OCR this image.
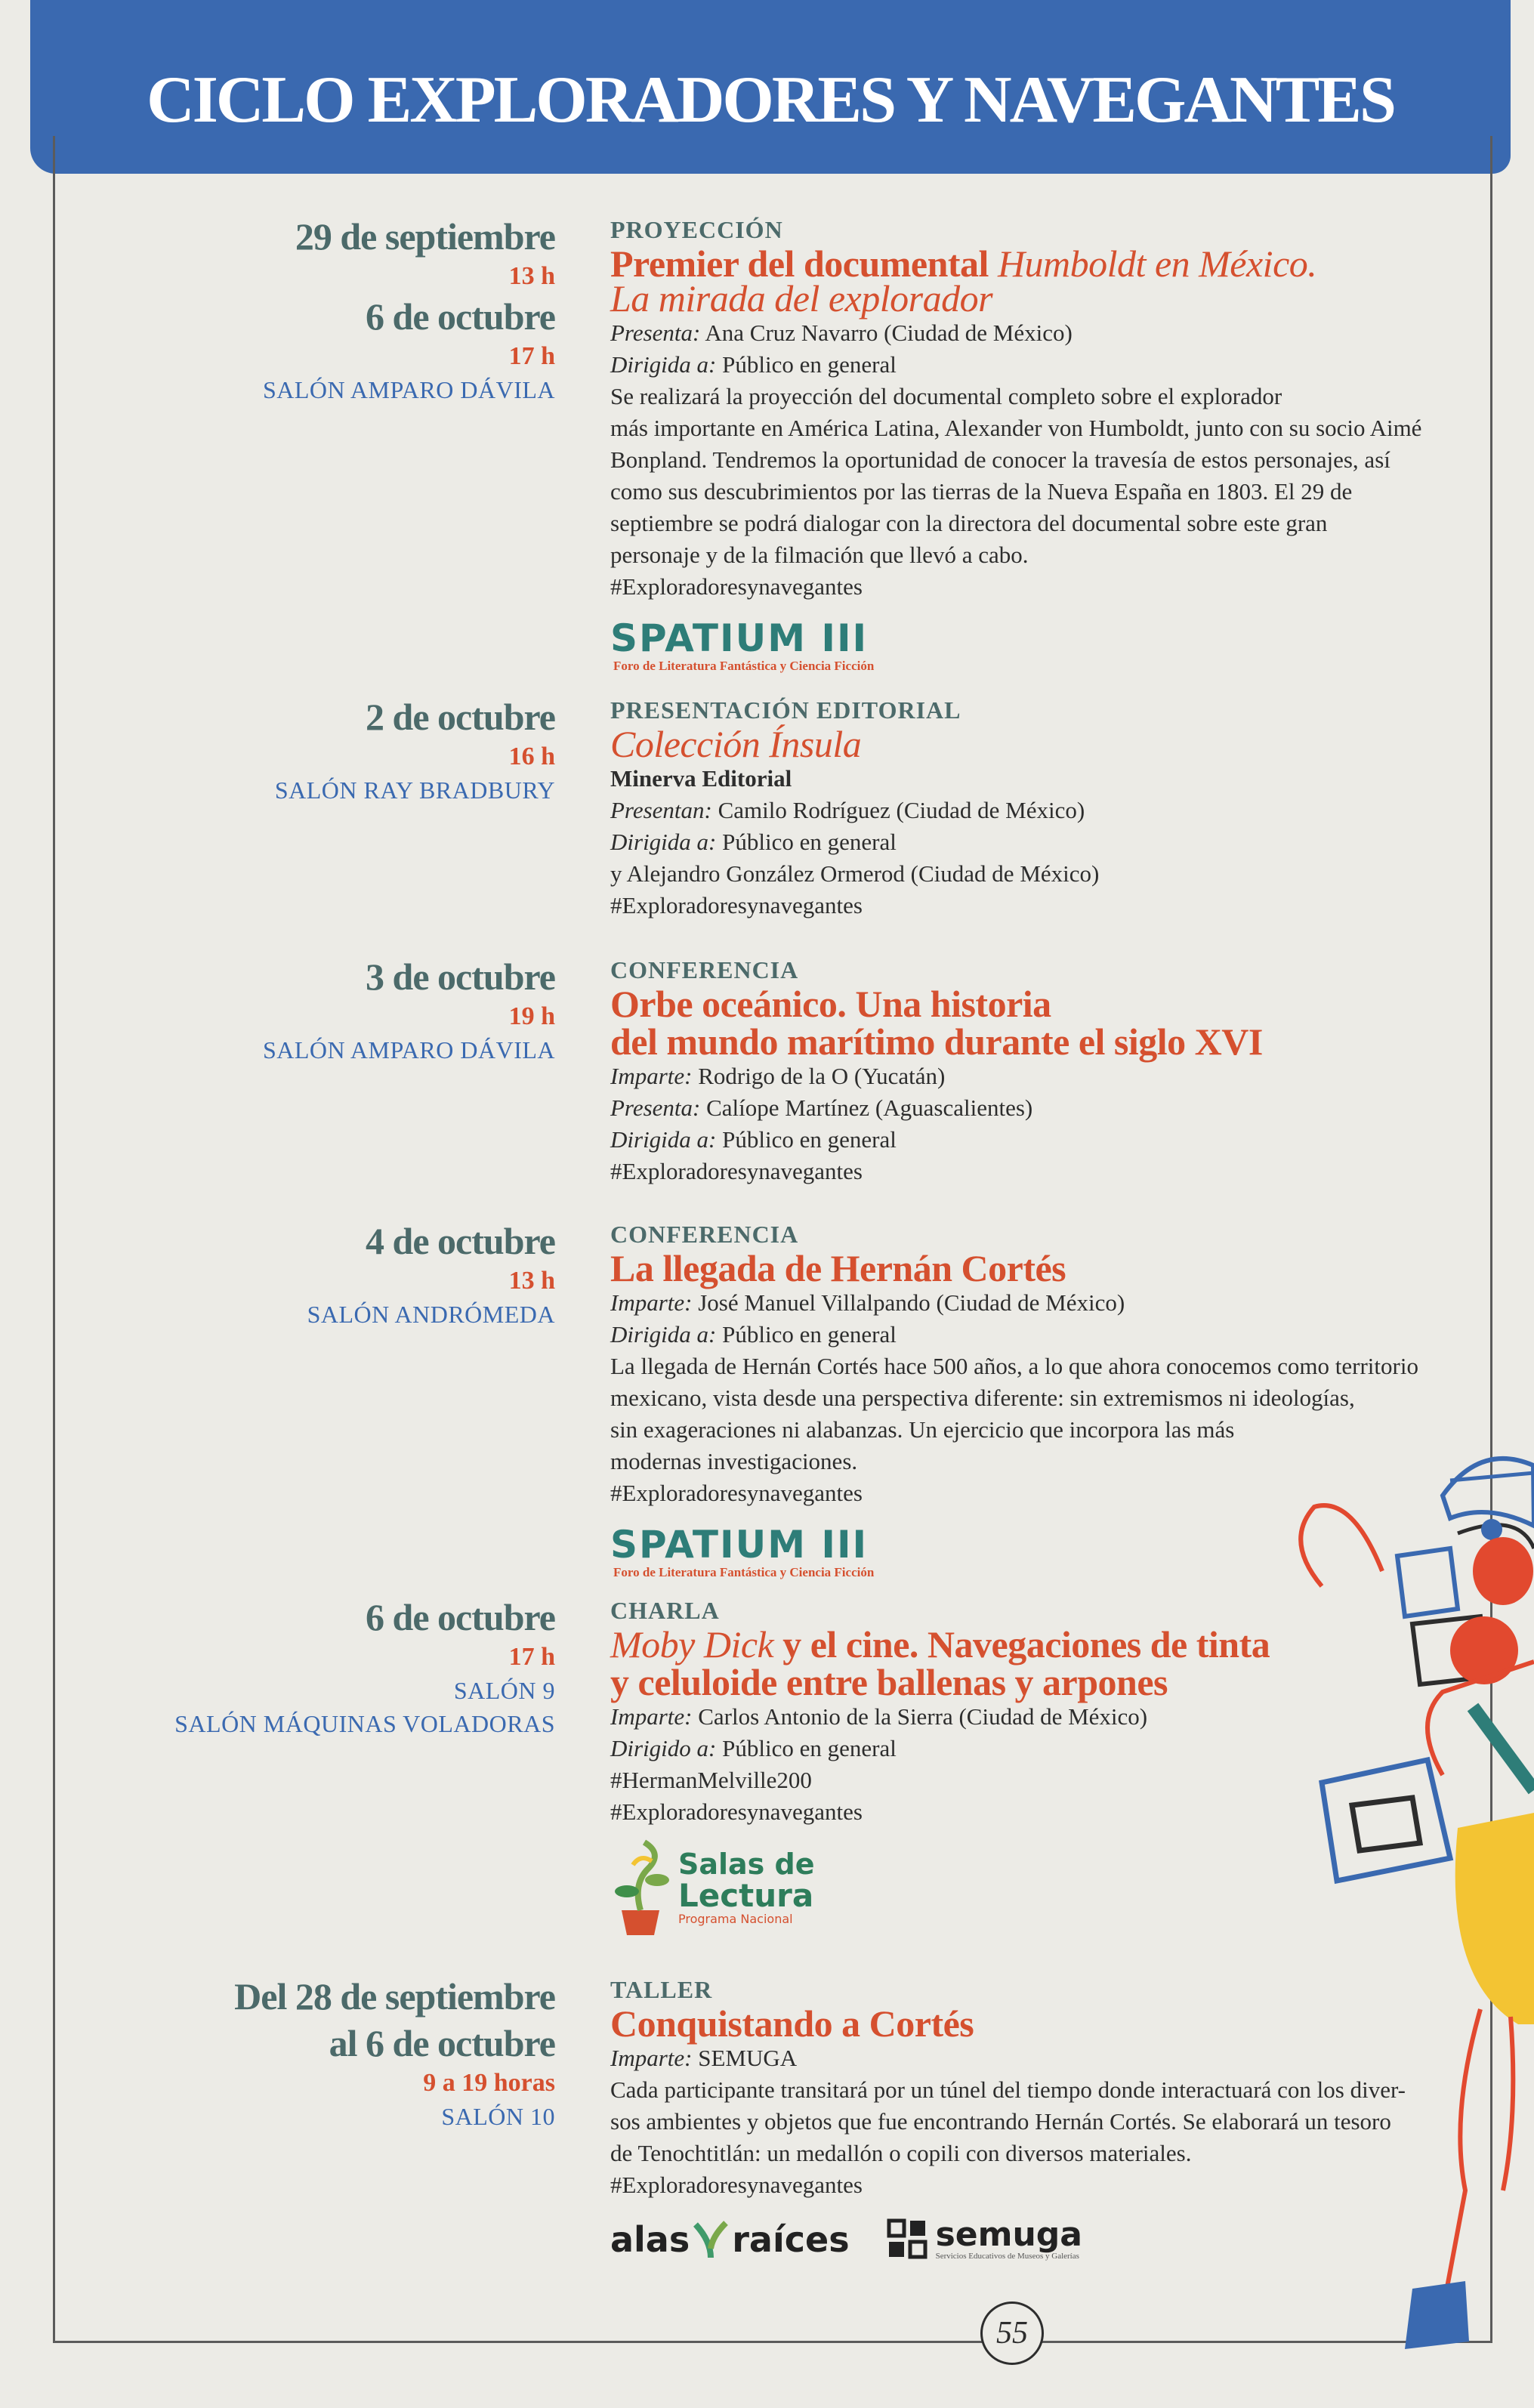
CICLO EXPLORADORES Y NAVEGANTES
29 de septiembre
13 h
6 de octubre
17 h
SALÓN AMPARO DÁVILA
PROYECCIÓN
Premier del documental Humboldt en México.
La mirada del explorador
Presenta: Ana Cruz Navarro (Ciudad de México)
Dirigida a: Público en general
Se realizará la proyección del documental completo sobre el explorador
más importante en América Latina, Alexander von Humboldt, junto con su socio Aimé
Bonpland. Tendremos la oportunidad de conocer la travesía de estos personajes, así
como sus descubrimientos por las tierras de la Nueva España en 1803. El 29 de
septiembre se podrá dialogar con la directora del documental sobre este gran
personaje y de la filmación que llevó a cabo.
#Exploradoresynavegantes
SPATIUM III
Foro de Literatura Fantástica y Ciencia Ficción
2 de octubre
16 h
SALÓN RAY BRADBURY
PRESENTACIÓN EDITORIAL
Colección Ínsula
Minerva Editorial
Presentan: Camilo Rodríguez (Ciudad de México)
Dirigida a: Público en general
y Alejandro González Ormerod (Ciudad de México)
#Exploradoresynavegantes
3 de octubre
19 h
SALÓN AMPARO DÁVILA
CONFERENCIA
Orbe oceánico. Una historia
del mundo marítimo durante el siglo XVI
Imparte: Rodrigo de la O (Yucatán)
Presenta: Calíope Martínez (Aguascalientes)
Dirigida a: Público en general
#Exploradoresynavegantes
4 de octubre
13 h
SALÓN ANDRÓMEDA
CONFERENCIA
La llegada de Hernán Cortés
Imparte: José Manuel Villalpando (Ciudad de México)
Dirigida a: Público en general
La llegada de Hernán Cortés hace 500 años, a lo que ahora conocemos como territorio
mexicano, vista desde una perspectiva diferente: sin extremismos ni ideologías,
sin exageraciones ni alabanzas. Un ejercicio que incorpora las más
modernas investigaciones.
#Exploradoresynavegantes
SPATIUM III
Foro de Literatura Fantástica y Ciencia Ficción
6 de octubre
17 h
SALÓN 9
SALÓN MÁQUINAS VOLADORAS
CHARLA
Moby Dick y el cine. Navegaciones de tinta
y celuloide entre ballenas y arpones
Imparte: Carlos Antonio de la Sierra (Ciudad de México)
Dirigido a: Público en general
#HermanMelville200
#Exploradoresynavegantes
Salas de
Lectura
Programa Nacional
Del 28 de septiembre
al 6 de octubre
9 a 19 horas
SALÓN 10
TALLER
Conquistando a Cortés
Imparte: SEMUGA
Cada participante transitará por un túnel del tiempo donde interactuará con los diver-
sos ambientes y objetos que fue encontrando Hernán Cortés. Se elaborará un tesoro
de Tenochtitlán: un medallón o copili con diversos materiales.
#Exploradoresynavegantes
alas raíces	semuga
Servicios Educativos de Museos y Galerías
55
